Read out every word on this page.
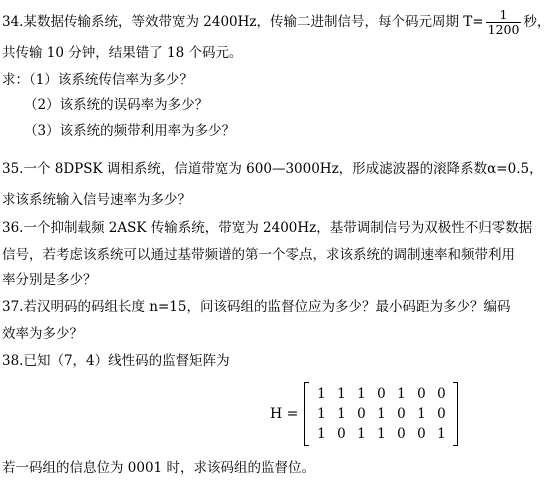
34.某数据传输系统，等效带宽为 2400Hz，传输二进制信号，每个码元周期 $T= \frac{1}{1200}$ 秒，
共传输 10 分钟，结果错了 18 个码元。
求：（1）该系统传信率为多少？
（2）该系统的误码率为多少？
（3）该系统的频带利用率为多少？
35.一个 8DPSK 调相系统，信道带宽为 600—3000Hz，形成滤波器的滚降系数α=0.5，
求该系统输入信号速率为多少？
36.一个抑制载频 2ASK 传输系统，带宽为 2400Hz，基带调制信号为双极性不归零数据
信号，若考虑该系统可以通过基带频谱的第一个零点，求该系统的调制速率和频带利用
率分别是多少？
37.若汉明码的码组长度 n=15，问该码组的监督位应为多少？最小码距为多少？编码
效率为多少？
38.已知（7，4）线性码的监督矩阵为
H =
1	1	1	0	1	0	0
1	1	0	1	0	1	0
1	0	1	1	0	0	1
若一码组的信息位为 0001 时，求该码组的监督位。
